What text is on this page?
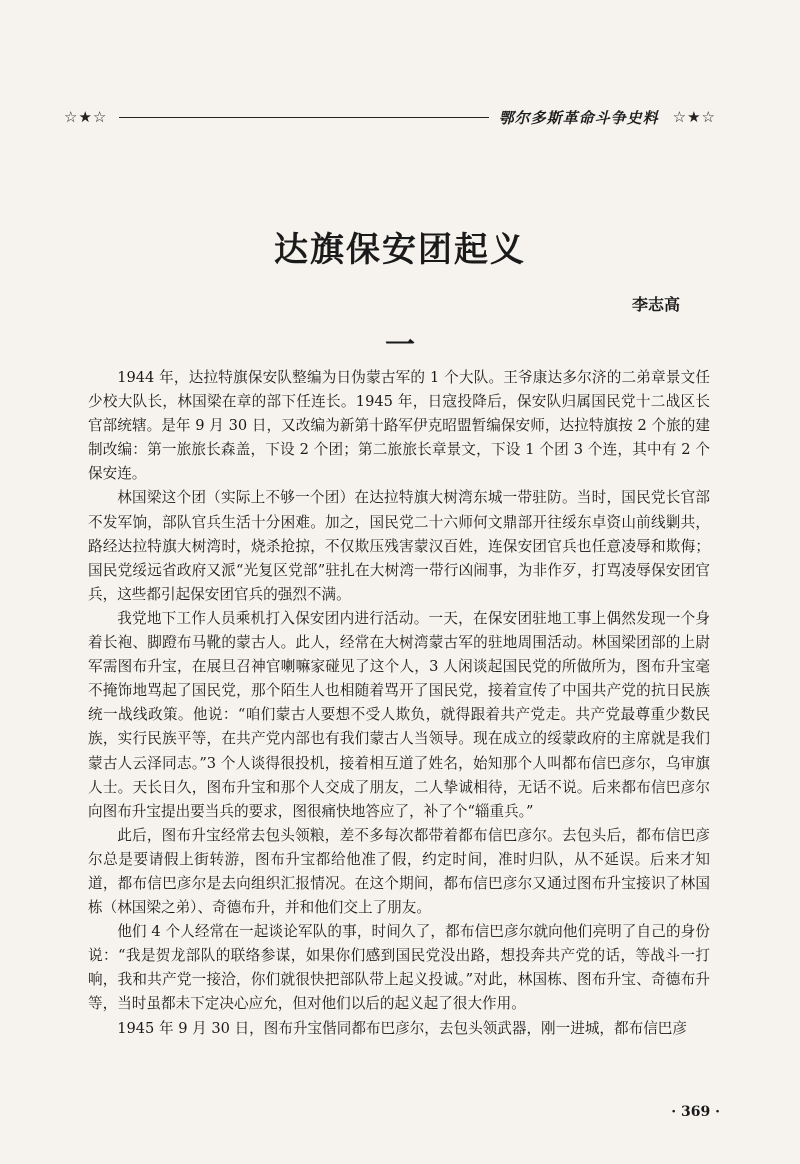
☆★☆	鄂尔多斯革命斗争史料 ☆★☆
达旗保安团起义
李志高
一

1944 年，达拉特旗保安队整编为日伪蒙古军的 1 个大队。王爷康达多尔济的二弟章景文任少校大队长，林国梁在章的部下任连长。1945 年，日寇投降后，保安队归属国民党十二战区长官部统辖。是年 9 月 30 日，又改编为新第十路军伊克昭盟暂编保安师，达拉特旗按 2 个旅的建制改编：第一旅旅长森盖，下设 2 个团；第二旅旅长章景文，下设 1 个团 3 个连，其中有 2 个保安连。

林国梁这个团（实际上不够一个团）在达拉特旗大树湾东城一带驻防。当时，国民党长官部不发军饷，部队官兵生活十分困难。加之，国民党二十六师何文鼎部开往绥东卓资山前线剿共，路经达拉特旗大树湾时，烧杀抢掠，不仅欺压残害蒙汉百姓，连保安团官兵也任意凌辱和欺侮；国民党绥远省政府又派“光复区党部”驻扎在大树湾一带行凶闹事，为非作歹，打骂凌辱保安团官兵，这些都引起保安团官兵的强烈不满。

我党地下工作人员乘机打入保安团内进行活动。一天，在保安团驻地工事上偶然发现一个身着长袍、脚蹬布马靴的蒙古人。此人，经常在大树湾蒙古军的驻地周围活动。林国梁团部的上尉军需图布升宝，在展旦召神官喇嘛家碰见了这个人，3 人闲谈起国民党的所做所为，图布升宝毫不掩饰地骂起了国民党，那个陌生人也相随着骂开了国民党，接着宣传了中国共产党的抗日民族统一战线政策。他说：“咱们蒙古人要想不受人欺负，就得跟着共产党走。共产党最尊重少数民族，实行民族平等，在共产党内部也有我们蒙古人当领导。现在成立的绥蒙政府的主席就是我们蒙古人云泽同志。”3 个人谈得很投机，接着相互道了姓名，始知那个人叫都布信巴彦尔，乌审旗人士。天长日久，图布升宝和那个人交成了朋友，二人挚诚相待，无话不说。后来都布信巴彦尔向图布升宝提出要当兵的要求，图很痛快地答应了，补了个“辎重兵。”

此后，图布升宝经常去包头领粮，差不多每次都带着都布信巴彦尔。去包头后，都布信巴彦尔总是要请假上街转游，图布升宝都给他准了假，约定时间，准时归队，从不延误。后来才知道，都布信巴彦尔是去向组织汇报情况。在这个期间，都布信巴彦尔又通过图布升宝接识了林国栋（林国梁之弟）、奇德布升，并和他们交上了朋友。

他们 4 个人经常在一起谈论军队的事，时间久了，都布信巴彦尔就向他们亮明了自己的身份说：“我是贺龙部队的联络参谋，如果你们感到国民党没出路，想投奔共产党的话，等战斗一打响，我和共产党一接洽，你们就很快把部队带上起义投诚。”对此，林国栋、图布升宝、奇德布升等，当时虽都未下定决心应允，但对他们以后的起义起了很大作用。

1945 年 9 月 30 日，图布升宝偕同都布巴彦尔，去包头领武器，刚一进城，都布信巴彦

· 369 ·
